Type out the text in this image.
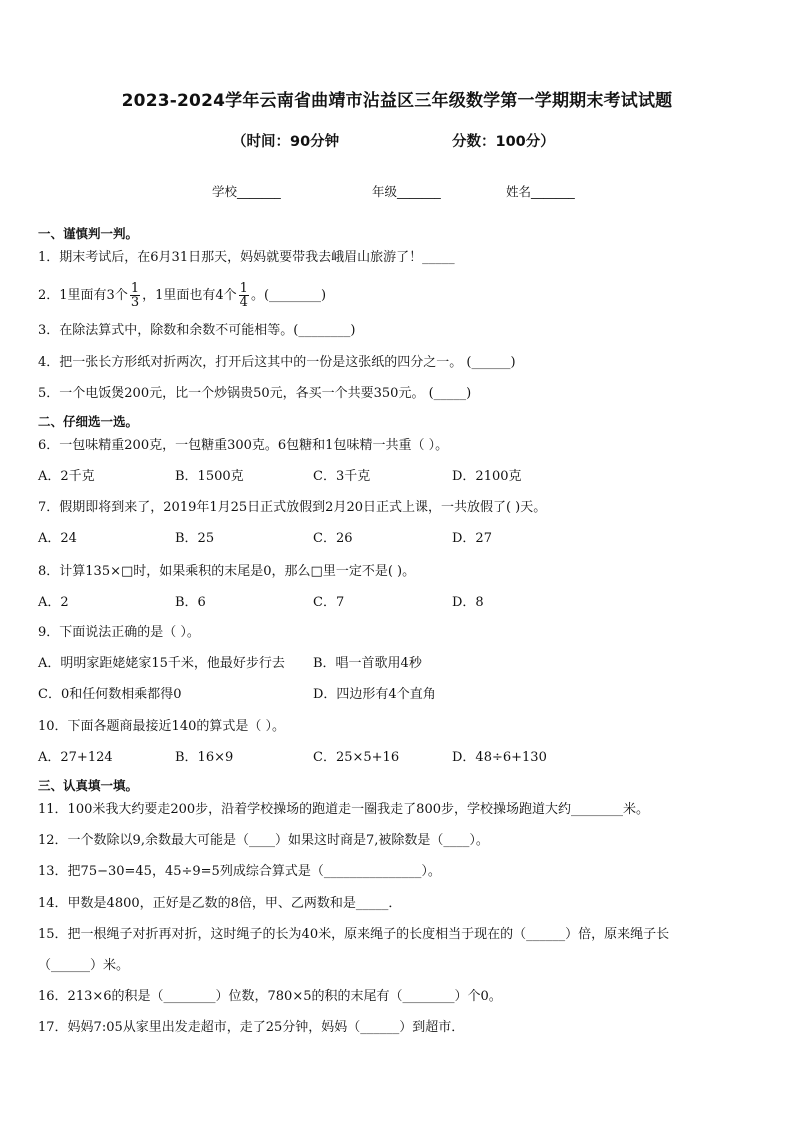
2023-2024学年云南省曲靖市沾益区三年级数学第一学期期末考试试题
（时间：90分钟	分数：100分）
学校_______	年级_______	姓名_______
一、谨慎判一判。
1．期末考试后，在6月31日那天，妈妈就要带我去峨眉山旅游了！_____
2．1里面有3个 $\frac{1}{3}$ ，1里面也有4个 $\frac{1}{4}$ 。(________)
3．在除法算式中，除数和余数不可能相等。(________)
4．把一张长方形纸对折两次，打开后这其中的一份是这张纸的四分之一。 (______)
5．一个电饭煲200元，比一个炒锅贵50元，各买一个共要350元。 (_____)
二、仔细选一选。
6．一包味精重200克，一包糖重300克。6包糖和1包味精一共重（ ）。
A．2千克	B．1500克	C．3千克	D．2100克
7．假期即将到来了，2019年1月25日正式放假到2月20日正式上课，一共放假了( )天。
A．24	B．25	C．26	D．27
8．计算135×□时，如果乘积的末尾是0，那么□里一定不是( )。
A．2	B．6	C．7	D．8
9．下面说法正确的是（ ）。
A．明明家距姥姥家15千米，他最好步行去 B．唱一首歌用4秒
C．0和任何数相乘都得0	D．四边形有4个直角
10．下面各题商最接近140的算式是（ ）。
A．27+124	B．16×9	C．25×5+16	D．48÷6+130
三、认真填一填。
11．100米我大约要走200步，沿着学校操场的跑道走一圈我走了800步，学校操场跑道大约________米。
12．一个数除以9,余数最大可能是（____）如果这时商是7,被除数是（____）。
13．把75−30=45，45÷9=5列成综合算式是（_______________）。
14．甲数是4800，正好是乙数的8倍，甲、乙两数和是_____．
15．把一根绳子对折再对折，这时绳子的长为40米，原来绳子的长度相当于现在的（______）倍，原来绳子长
（______）米。
16．213×6的积是（________）位数，780×5的积的末尾有（________）个0。
17．妈妈7:05从家里出发走超市，走了25分钟，妈妈（______）到超市．
